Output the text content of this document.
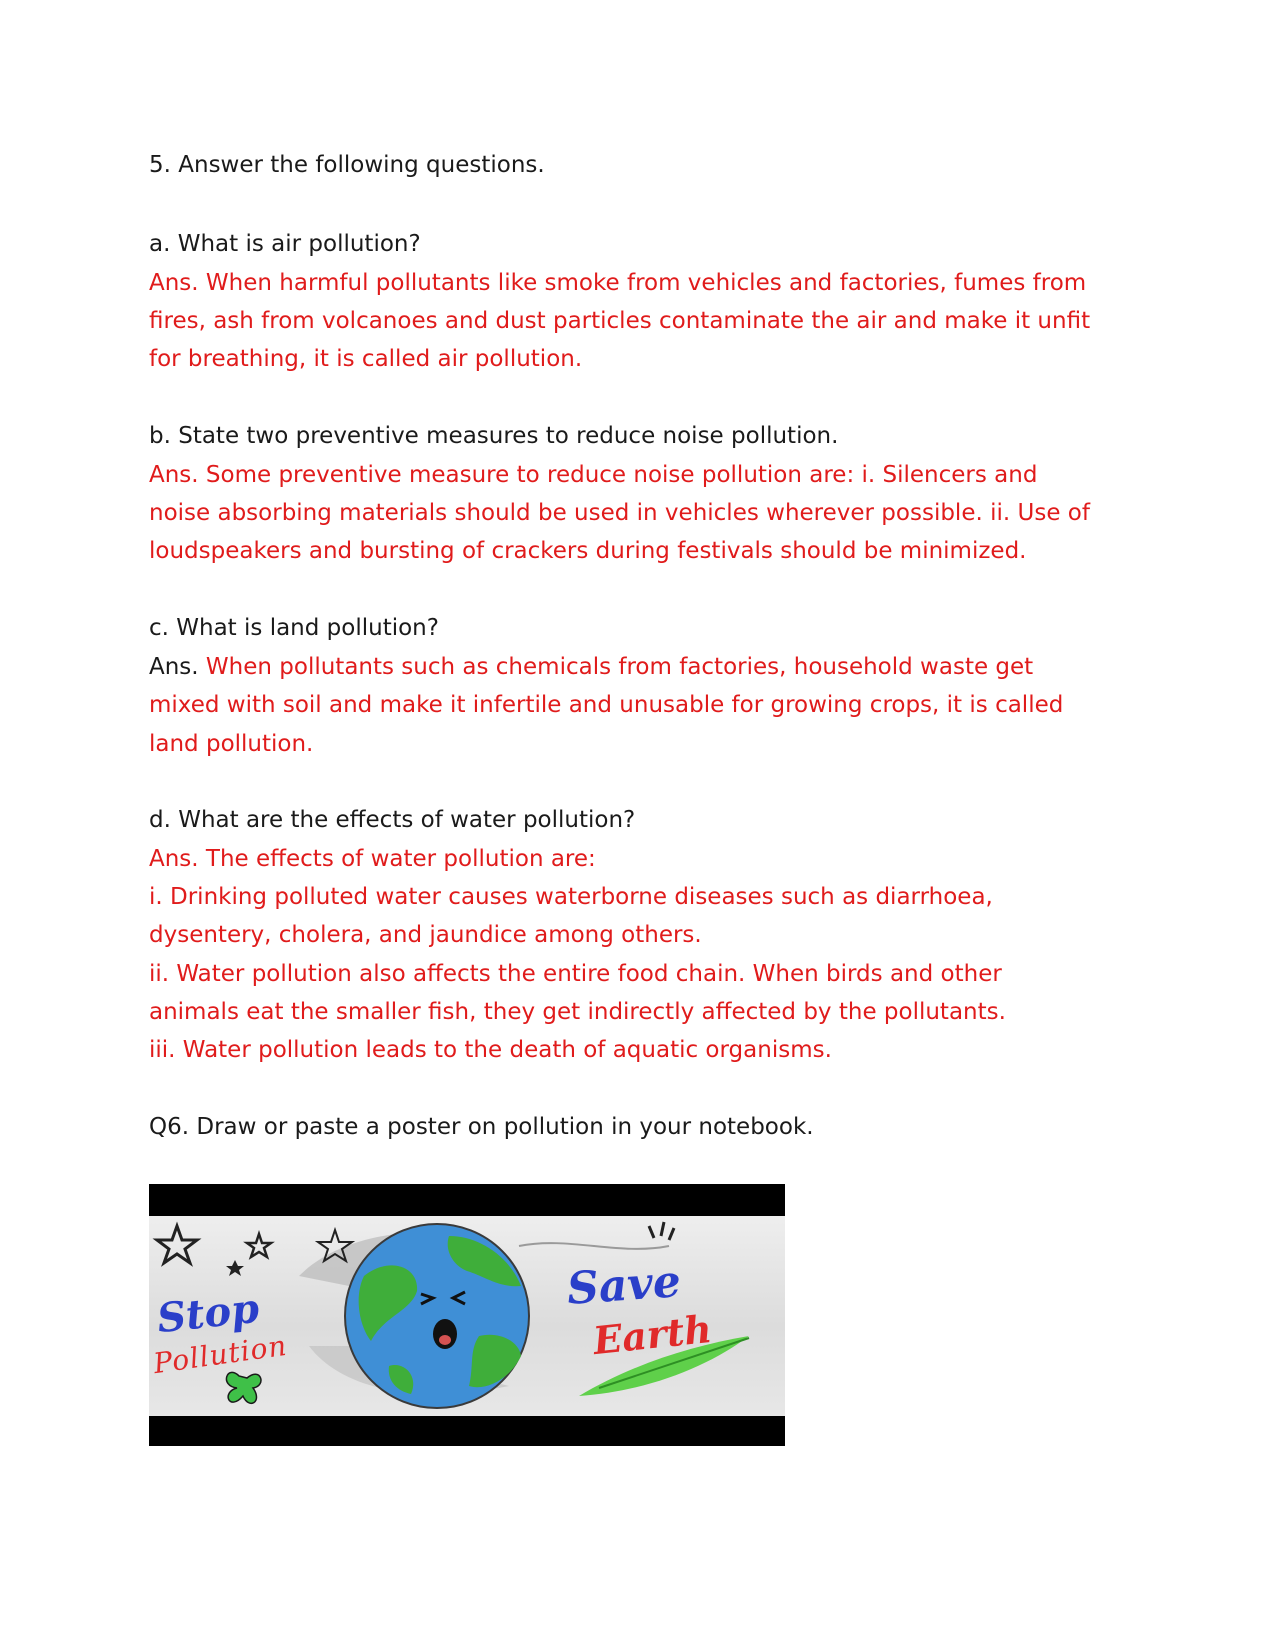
5. Answer the following questions.
a. What is air pollution?
Ans. When harmful pollutants like smoke from vehicles and factories, fumes from
fires, ash from volcanoes and dust particles contaminate the air and make it unfit
for breathing, it is called air pollution.
b. State two preventive measures to reduce noise pollution.
Ans. Some preventive measure to reduce noise pollution are: i. Silencers and
noise absorbing materials should be used in vehicles wherever possible. ii. Use of
loudspeakers and bursting of crackers during festivals should be minimized.
c. What is land pollution?
Ans. When pollutants such as chemicals from factories, household waste get
mixed with soil and make it infertile and unusable for growing crops, it is called
land pollution.
d. What are the effects of water pollution?
Ans. The effects of water pollution are:
i. Drinking polluted water causes waterborne diseases such as diarrhoea,
dysentery, cholera, and jaundice among others.
ii. Water pollution also affects the entire food chain. When birds and other
animals eat the smaller fish, they get indirectly affected by the pollutants.
iii. Water pollution leads to the death of aquatic organisms.
Q6. Draw or paste a poster on pollution in your notebook.
Stop
Pollution
Save
Earth
